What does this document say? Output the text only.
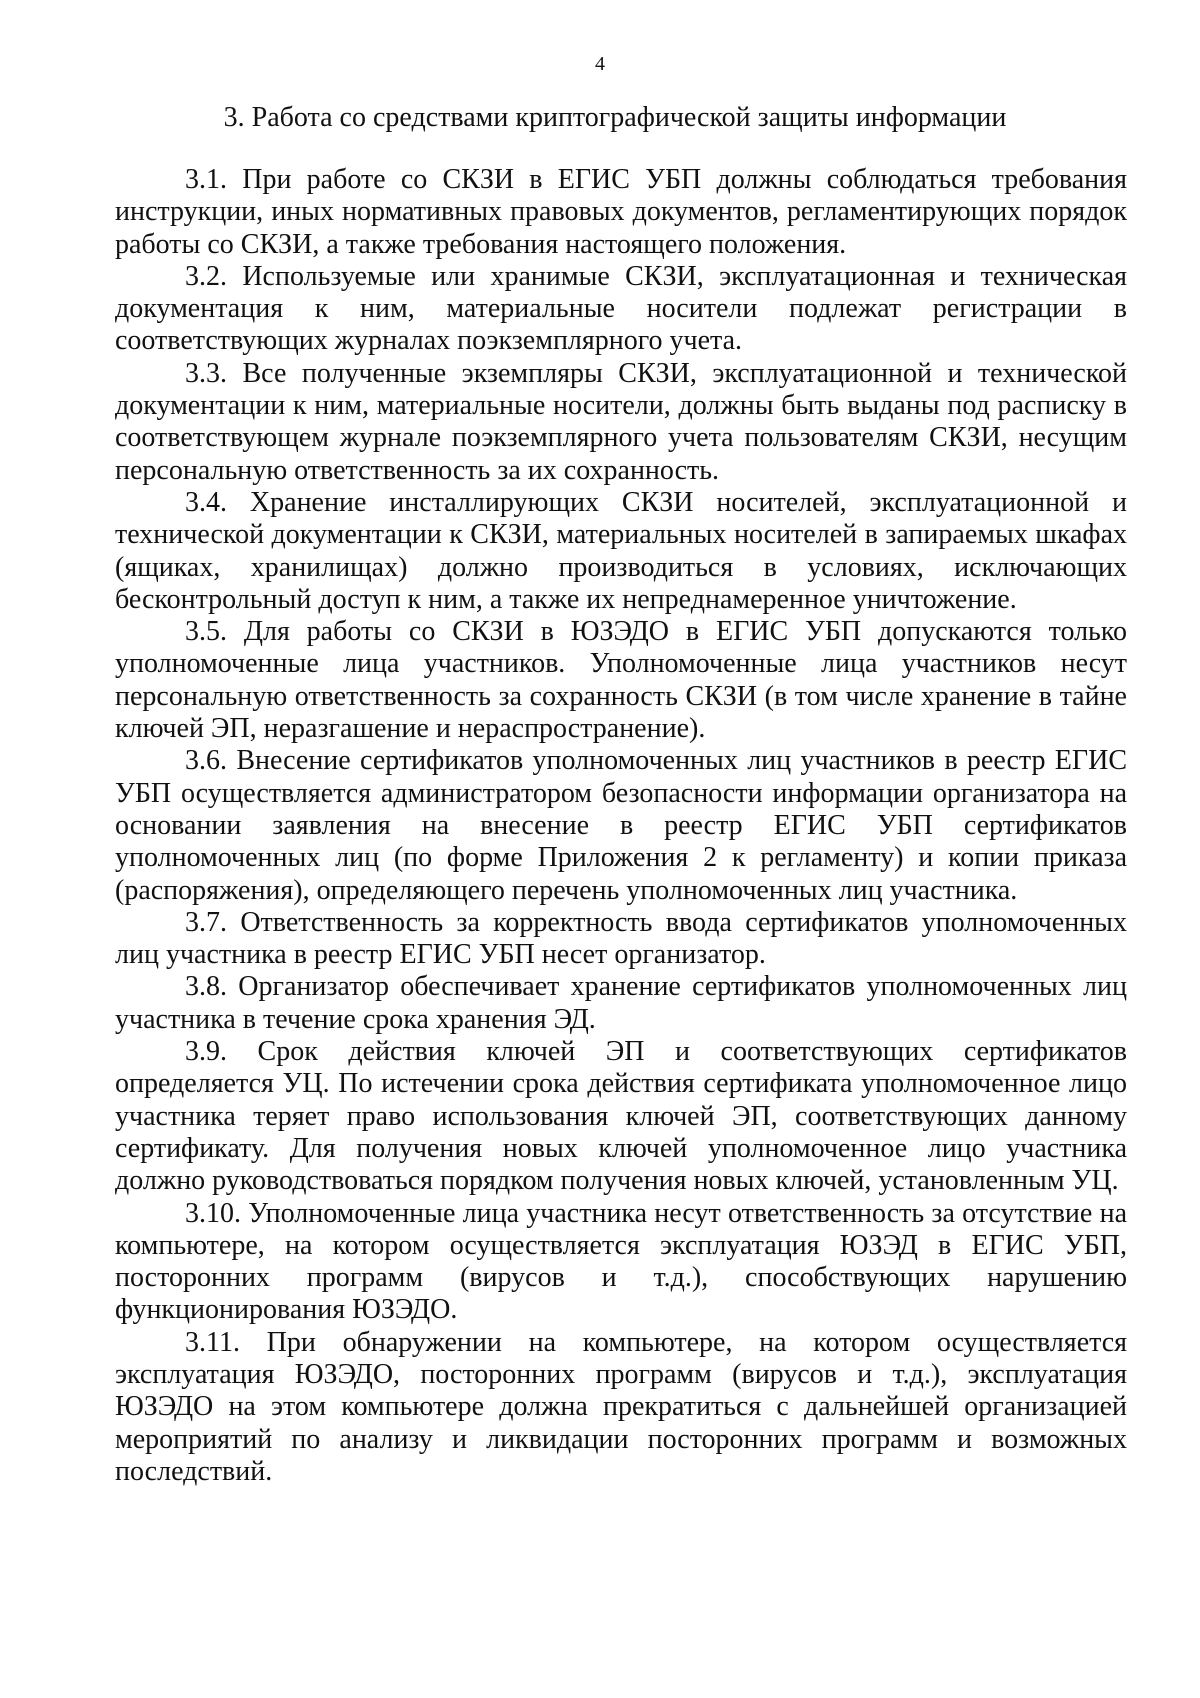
4
3. Работа со средствами криптографической защиты информации

3.1. При работе со СКЗИ в ЕГИС УБП должны соблюдаться требования инструкции, иных нормативных правовых документов, регламентирующих порядок работы со СКЗИ, а также требования настоящего положения.

3.2. Используемые или хранимые СКЗИ, эксплуатационная и техническая документация к ним, материальные носители подлежат регистрации в соответствующих журналах поэкземплярного учета.

3.3. Все полученные экземпляры СКЗИ, эксплуатационной и технической документации к ним, материальные носители, должны быть выданы под расписку в соответствующем журнале поэкземплярного учета пользователям СКЗИ, несущим персональную ответственность за их сохранность.

3.4. Хранение инсталлирующих СКЗИ носителей, эксплуатационной и технической документации к СКЗИ, материальных носителей в запираемых шкафах (ящиках, хранилищах) должно производиться в условиях, исключающих бесконтрольный доступ к ним, а также их непреднамеренное уничтожение.

3.5. Для работы со СКЗИ в ЮЗЭДО в ЕГИС УБП допускаются только уполномоченные лица участников. Уполномоченные лица участников несут персональную ответственность за сохранность СКЗИ (в том числе хранение в тайне ключей ЭП, неразгашение и нераспространение).

3.6. Внесение сертификатов уполномоченных лиц участников в реестр ЕГИС УБП осуществляется администратором безопасности информации организатора на основании заявления на внесение в реестр ЕГИС УБП сертификатов уполномоченных лиц (по форме Приложения 2 к регламенту) и копии приказа (распоряжения), определяющего перечень уполномоченных лиц участника.

3.7. Ответственность за корректность ввода сертификатов уполномоченных лиц участника в реестр ЕГИС УБП несет организатор.

3.8. Организатор обеспечивает хранение сертификатов уполномоченных лиц участника в течение срока хранения ЭД.

3.9. Срок действия ключей ЭП и соответствующих сертификатов определяется УЦ. По истечении срока действия сертификата уполномоченное лицо участника теряет право использования ключей ЭП, соответствующих данному сертификату. Для получения новых ключей уполномоченное лицо участника должно руководствоваться порядком получения новых ключей, установленным УЦ.

3.10. Уполномоченные лица участника несут ответственность за отсутствие на компьютере, на котором осуществляется эксплуатация ЮЗЭД в ЕГИС УБП, посторонних программ (вирусов и т.д.), способствующих нарушению функционирования ЮЗЭДО.

3.11. При обнаружении на компьютере, на котором осуществляется эксплуатация ЮЗЭДО, посторонних программ (вирусов и т.д.), эксплуатация ЮЗЭДО на этом компьютере должна прекратиться с дальнейшей организацией мероприятий по анализу и ликвидации посторонних программ и возможных последствий.
